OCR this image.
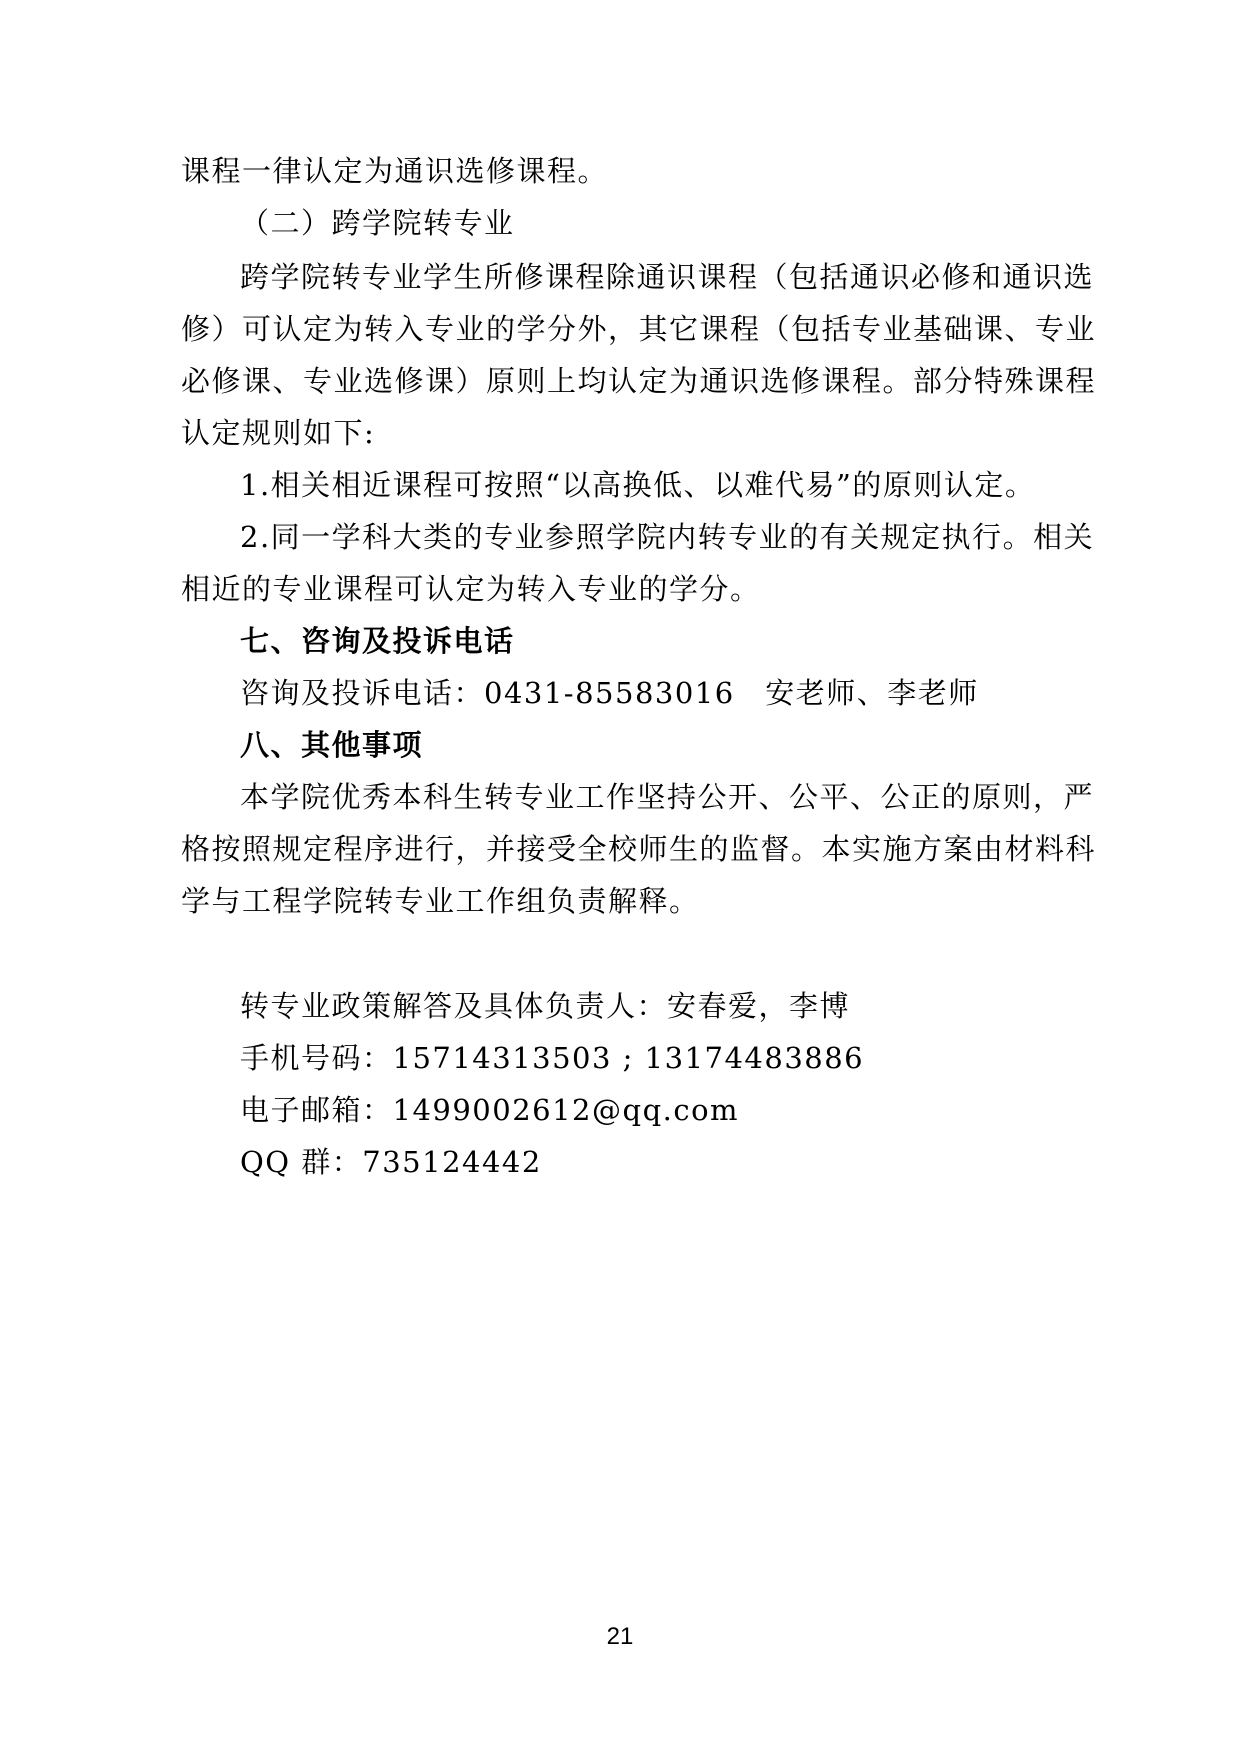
课程一律认定为通识选修课程。
（二）跨学院转专业
跨学院转专业学生所修课程除通识课程（包括通识必修和通识选
修）可认定为转入专业的学分外，其它课程（包括专业基础课、专业
必修课、专业选修课）原则上均认定为通识选修课程。部分特殊课程
认定规则如下:
1.相关相近课程可按照“以高换低、以难代易”的原则认定。
2.同一学科大类的专业参照学院内转专业的有关规定执行。相关
相近的专业课程可认定为转入专业的学分。
七、咨询及投诉电话
咨询及投诉电话：0431-85583016　安老师、李老师
八、其他事项
本学院优秀本科生转专业工作坚持公开、公平、公正的原则，严
格按照规定程序进行，并接受全校师生的监督。本实施方案由材料科
学与工程学院转专业工作组负责解释。
转专业政策解答及具体负责人：安春爱，李博
手机号码：15714313503 ; 13174483886
电子邮箱：1499002612@qq.com
QQ 群：735124442
21
